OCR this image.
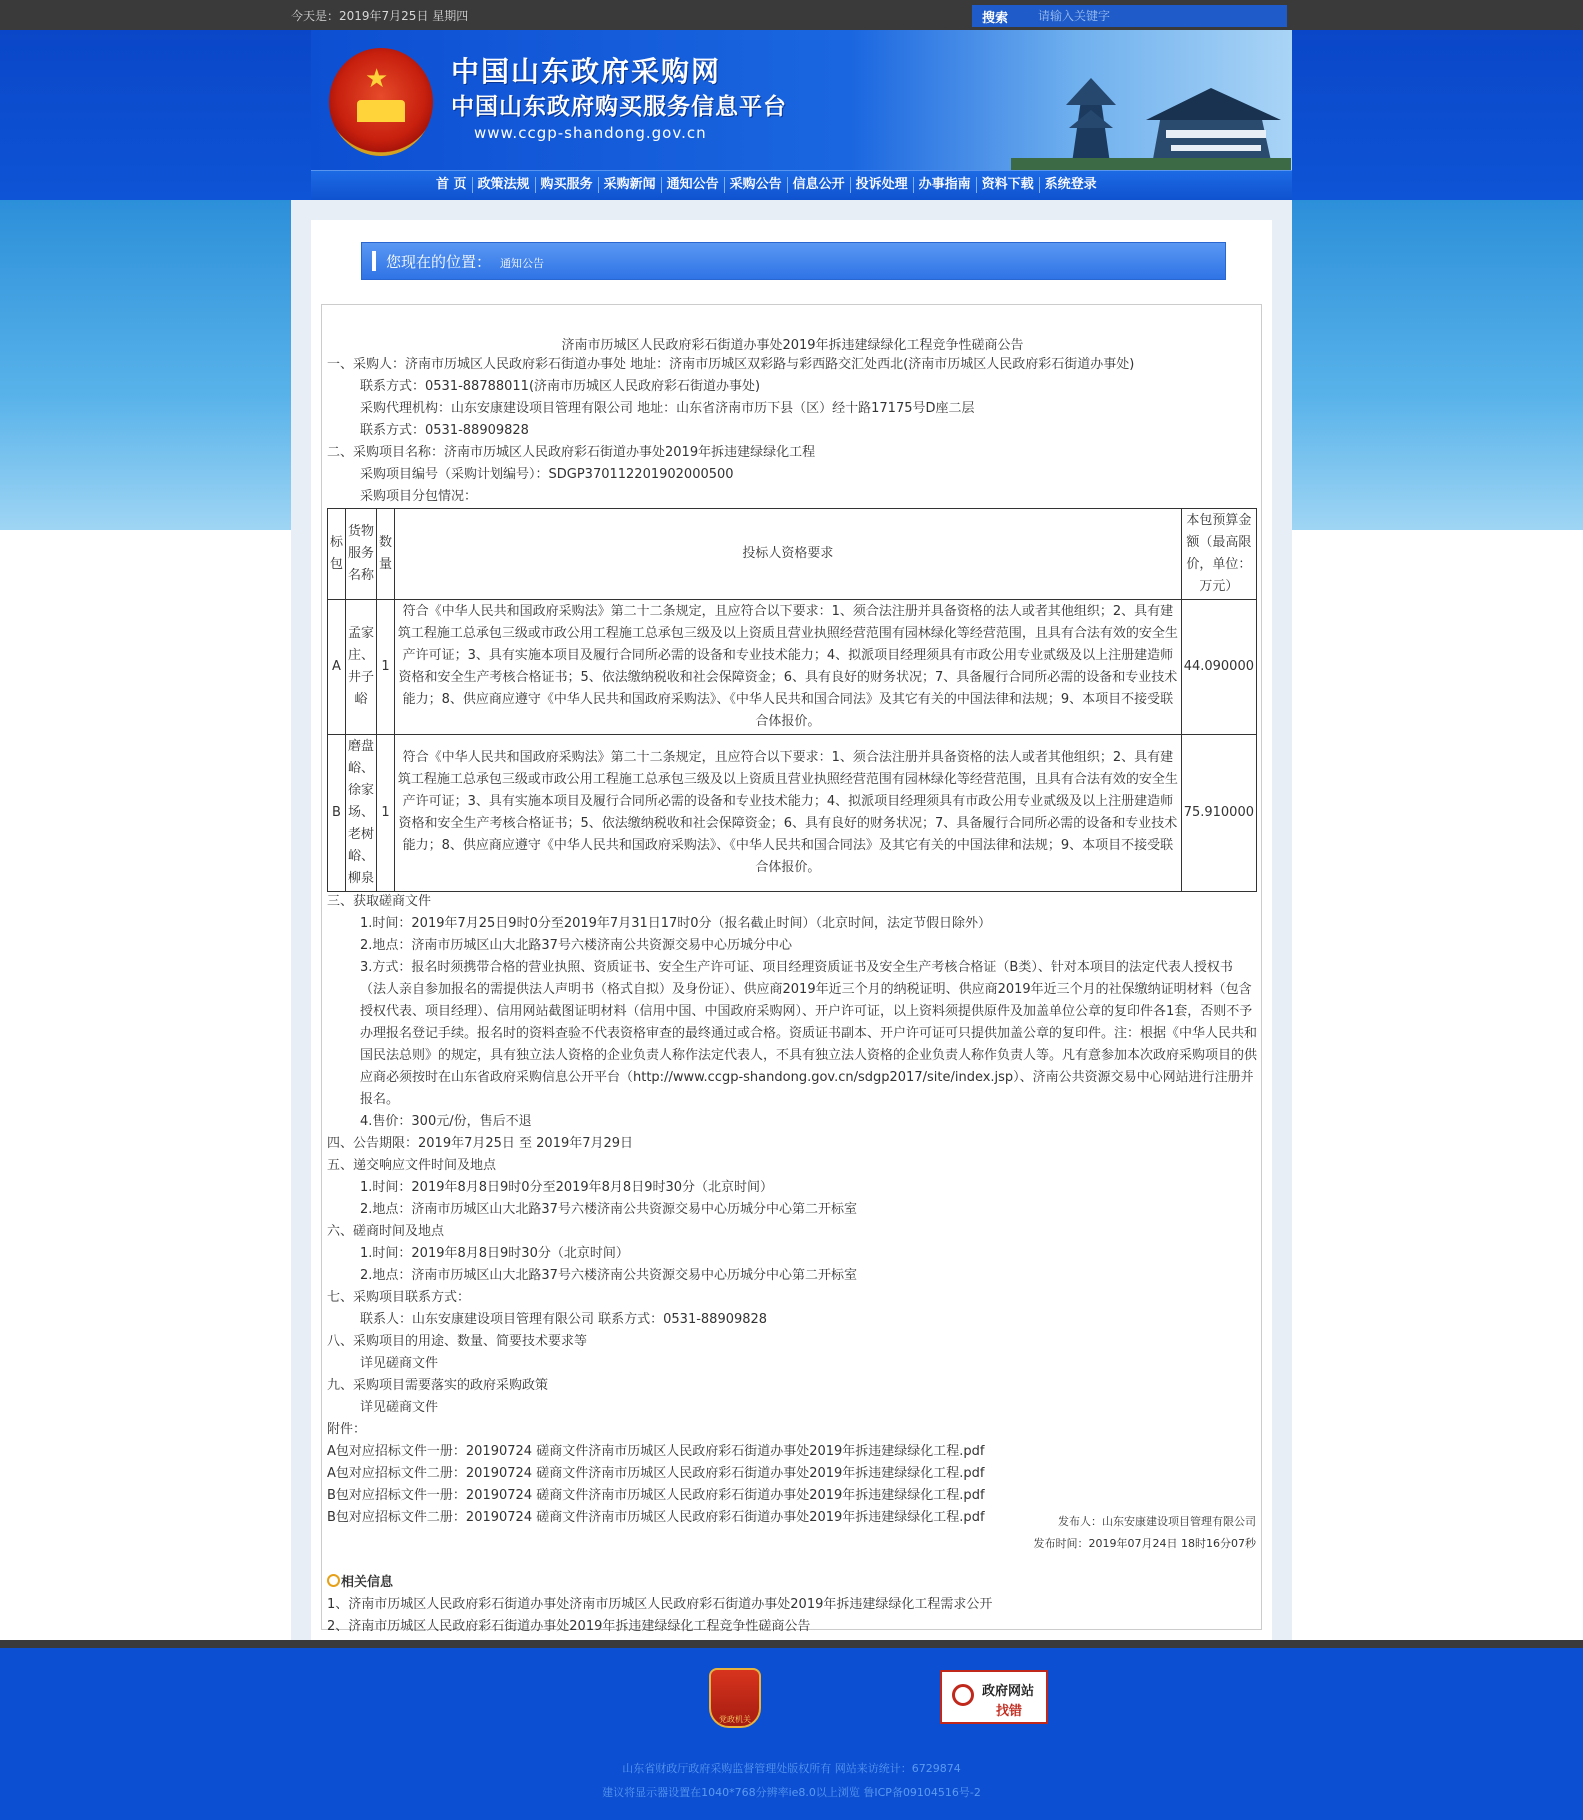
今天是：2019年7月25日 星期四	搜索
请输入关键字
★ 中国山东政府采购网
中国山东政府购买服务信息平台
www.ccgp-shandong.gov.cn
首 页 政策法规 购买服务 采购新闻 通知公告 采购公告 信息公开 投诉处理 办事指南 资料下载 系统登录
您现在的位置： 通知公告
济南市历城区人民政府彩石街道办事处2019年拆违建绿绿化工程竞争性磋商公告

一、采购人：济南市历城区人民政府彩石街道办事处 地址：济南市历城区双彩路与彩西路交汇处西北(济南市历城区人民政府彩石街道办事处)

联系方式：0531-88788011(济南市历城区人民政府彩石街道办事处)

采购代理机构：山东安康建设项目管理有限公司 地址：山东省济南市历下县（区）经十路17175号D座二层

联系方式：0531-88909828

二、采购项目名称：济南市历城区人民政府彩石街道办事处2019年拆违建绿绿化工程

采购项目编号（采购计划编号）：SDGP370112201902000500

采购项目分包情况：

标包	货物服务名称	数量	投标人资格要求	本包预算金额（最高限价，单位：万元）
A	孟家庄、井子峪	1	符合《中华人民共和国政府采购法》第二十二条规定，且应符合以下要求：1、须合法注册并具备资格的法人或者其他组织；2、具有建筑工程施工总承包三级或市政公用工程施工总承包三级及以上资质且营业执照经营范围有园林绿化等经营范围，且具有合法有效的安全生产许可证；3、具有实施本项目及履行合同所必需的设备和专业技术能力；4、拟派项目经理须具有市政公用专业贰级及以上注册建造师资格和安全生产考核合格证书；5、依法缴纳税收和社会保障资金；6、具有良好的财务状况；7、具备履行合同所必需的设备和专业技术能力；8、供应商应遵守《中华人民共和国政府采购法》、《中华人民共和国合同法》及其它有关的中国法律和法规；9、本项目不接受联合体报价。	44.090000
B	磨盘峪、徐家场、老树峪、柳泉	1	符合《中华人民共和国政府采购法》第二十二条规定，且应符合以下要求：1、须合法注册并具备资格的法人或者其他组织；2、具有建筑工程施工总承包三级或市政公用工程施工总承包三级及以上资质且营业执照经营范围有园林绿化等经营范围，且具有合法有效的安全生产许可证；3、具有实施本项目及履行合同所必需的设备和专业技术能力；4、拟派项目经理须具有市政公用专业贰级及以上注册建造师资格和安全生产考核合格证书；5、依法缴纳税收和社会保障资金；6、具有良好的财务状况；7、具备履行合同所必需的设备和专业技术能力；8、供应商应遵守《中华人民共和国政府采购法》、《中华人民共和国合同法》及其它有关的中国法律和法规；9、本项目不接受联合体报价。	75.910000

三、获取磋商文件

1.时间：2019年7月25日9时0分至2019年7月31日17时0分（报名截止时间）（北京时间，法定节假日除外）

2.地点：济南市历城区山大北路37号六楼济南公共资源交易中心历城分中心

3.方式：报名时须携带合格的营业执照、资质证书、安全生产许可证、项目经理资质证书及安全生产考核合格证（B类）、针对本项目的法定代表人授权书（法人亲自参加报名的需提供法人声明书（格式自拟）及身份证）、供应商2019年近三个月的纳税证明、供应商2019年近三个月的社保缴纳证明材料（包含授权代表、项目经理）、信用网站截图证明材料（信用中国、中国政府采购网）、开户许可证，以上资料须提供原件及加盖单位公章的复印件各1套，否则不予办理报名登记手续。报名时的资料查验不代表资格审查的最终通过或合格。资质证书副本、开户许可证可只提供加盖公章的复印件。注：根据《中华人民共和国民法总则》的规定，具有独立法人资格的企业负责人称作法定代表人，不具有独立法人资格的企业负责人称作负责人等。凡有意参加本次政府采购项目的供应商必须按时在山东省政府采购信息公开平台（http://www.ccgp-shandong.gov.cn/sdgp2017/site/index.jsp）、济南公共资源交易中心网站进行注册并报名。

4.售价：300元/份，售后不退

四、公告期限：2019年7月25日 至 2019年7月29日

五、递交响应文件时间及地点

1.时间：2019年8月8日9时0分至2019年8月8日9时30分（北京时间）

2.地点：济南市历城区山大北路37号六楼济南公共资源交易中心历城分中心第二开标室

六、磋商时间及地点

1.时间：2019年8月8日9时30分（北京时间）

2.地点：济南市历城区山大北路37号六楼济南公共资源交易中心历城分中心第二开标室

七、采购项目联系方式：

联系人：山东安康建设项目管理有限公司 联系方式：0531-88909828

八、采购项目的用途、数量、简要技术要求等

详见磋商文件

九、采购项目需要落实的政府采购政策

详见磋商文件

附件：

A包对应招标文件一册：20190724 磋商文件济南市历城区人民政府彩石街道办事处2019年拆违建绿绿化工程.pdf

A包对应招标文件二册：20190724 磋商文件济南市历城区人民政府彩石街道办事处2019年拆违建绿绿化工程.pdf

B包对应招标文件一册：20190724 磋商文件济南市历城区人民政府彩石街道办事处2019年拆违建绿绿化工程.pdf

B包对应招标文件二册：20190724 磋商文件济南市历城区人民政府彩石街道办事处2019年拆违建绿绿化工程.pdf	发布人：山东安康建设项目管理有限公司
发布时间：2019年07月24日 18时16分07秒
相关信息

1、济南市历城区人民政府彩石街道办事处济南市历城区人民政府彩石街道办事处2019年拆违建绿绿化工程需求公开

2、济南市历城区人民政府彩石街道办事处2019年拆违建绿绿化工程竞争性磋商公告

党政机关
政府网站
找错
山东省财政厅政府采购监督管理处版权所有 网站来访统计：6729874
建议将显示器设置在1040*768分辨率ie8.0以上浏览 鲁ICP备09104516号-2
